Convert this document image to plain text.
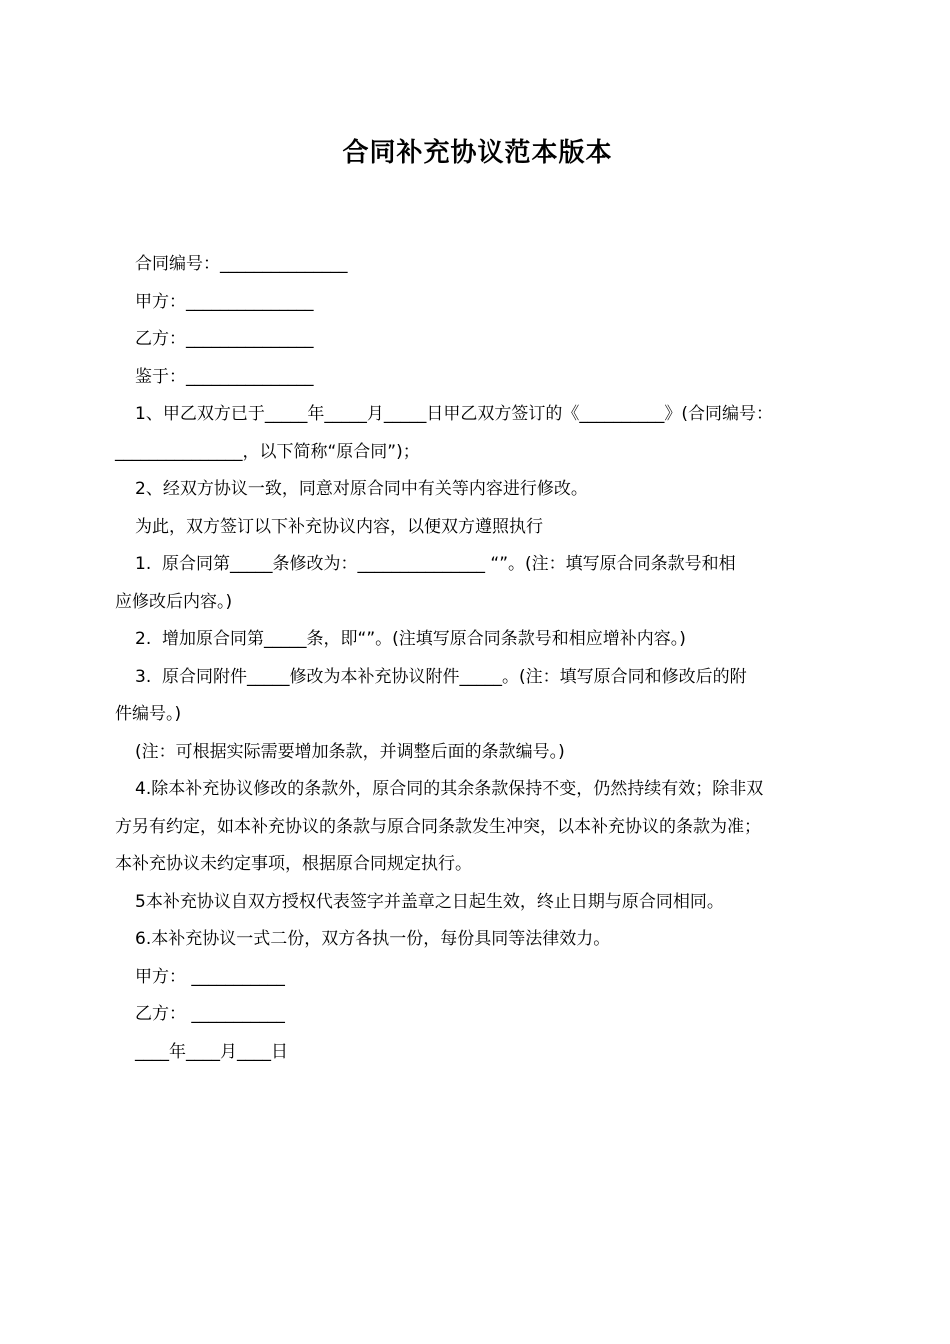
合同补充协议范本版本
合同编号：_______________
甲方：_______________
乙方：_______________
鉴于：_______________
1、甲乙双方已于_____年_____月_____日甲乙双方签订的《__________》(合同编号：
_______________，以下简称“原合同”)；
2、经双方协议一致，同意对原合同中有关等内容进行修改。
为此，双方签订以下补充协议内容，以便双方遵照执行
1.  原合同第_____条修改为：_______________ “”。(注：填写原合同条款号和相
应修改后内容。)
2.  增加原合同第_____条，即“”。(注填写原合同条款号和相应增补内容。)
3.  原合同附件_____修改为本补充协议附件_____。(注：填写原合同和修改后的附
件编号。)
(注：可根据实际需要增加条款，并调整后面的条款编号。)
4.除本补充协议修改的条款外，原合同的其余条款保持不变，仍然持续有效；除非双
方另有约定，如本补充协议的条款与原合同条款发生冲突，以本补充协议的条款为准；
本补充协议未约定事项，根据原合同规定执行。
5本补充协议自双方授权代表签字并盖章之日起生效，终止日期与原合同相同。
6.本补充协议一式二份，双方各执一份，每份具同等法律效力。
甲方： ___________
乙方： ___________
____年____月____日
